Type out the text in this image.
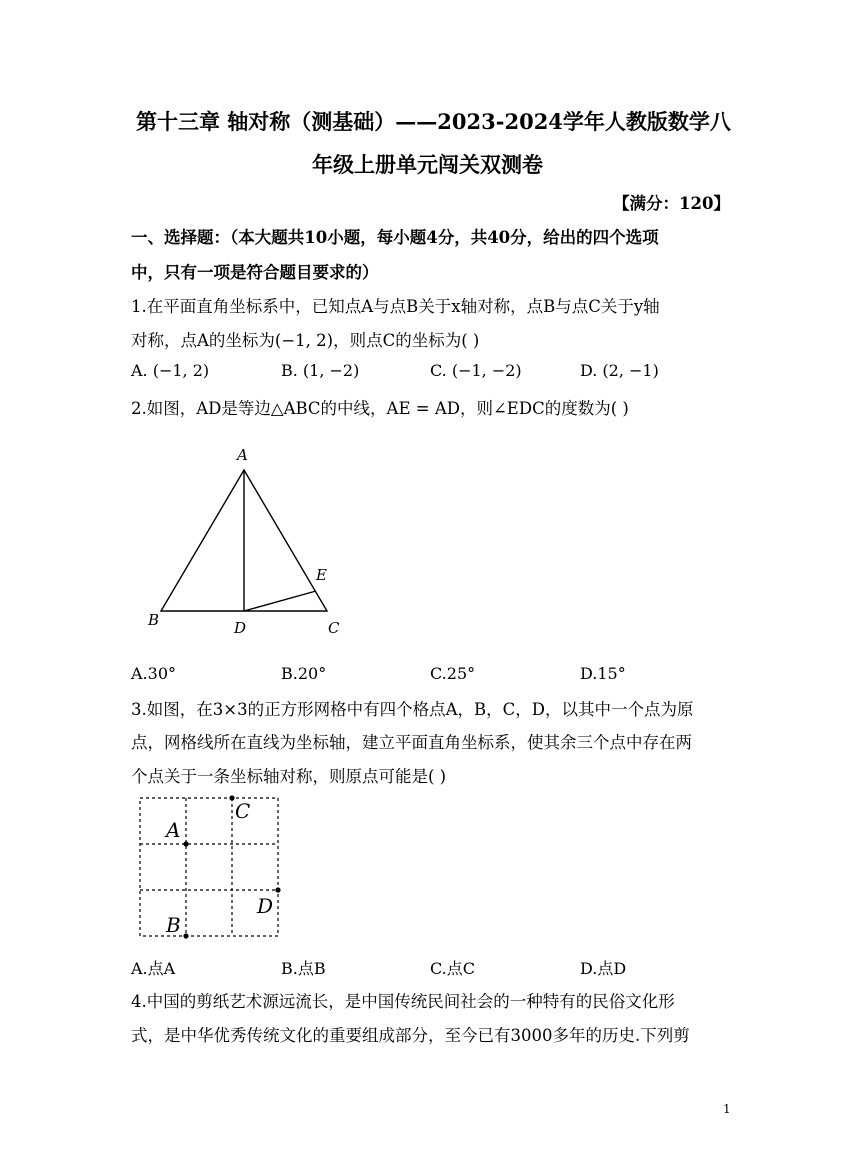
第十三章 轴对称（测基础）——2023-2024学年人教版数学八
年级上册单元闯关双测卷
【满分：120】
一、选择题：（本大题共10小题，每小题4分，共40分，给出的四个选项
中，只有一项是符合题目要求的）
1.在平面直角坐标系中，已知点A与点B关于x轴对称，点B与点C关于y轴
对称，点A的坐标为(−1, 2)，则点C的坐标为( )
A. (−1, 2)	B. (1, −2)	C. (−1, −2)	D. (2, −1)
2.如图，AD是等边△ABC的中线，AE = AD，则∠EDC的度数为( )
A
B	C
D
E
A.30°	B.20°	C.25°	D.15°
3.如图，在3×3的正方形网格中有四个格点A，B，C，D，以其中一个点为原
点，网格线所在直线为坐标轴，建立平面直角坐标系，使其余三个点中存在两
个点关于一条坐标轴对称，则原点可能是( )
A
B
C
D
A.点A	B.点B	C.点C	D.点D
4.中国的剪纸艺术源远流长，是中国传统民间社会的一种特有的民俗文化形
式，是中华优秀传统文化的重要组成部分，至今已有3000多年的历史.下列剪
1
